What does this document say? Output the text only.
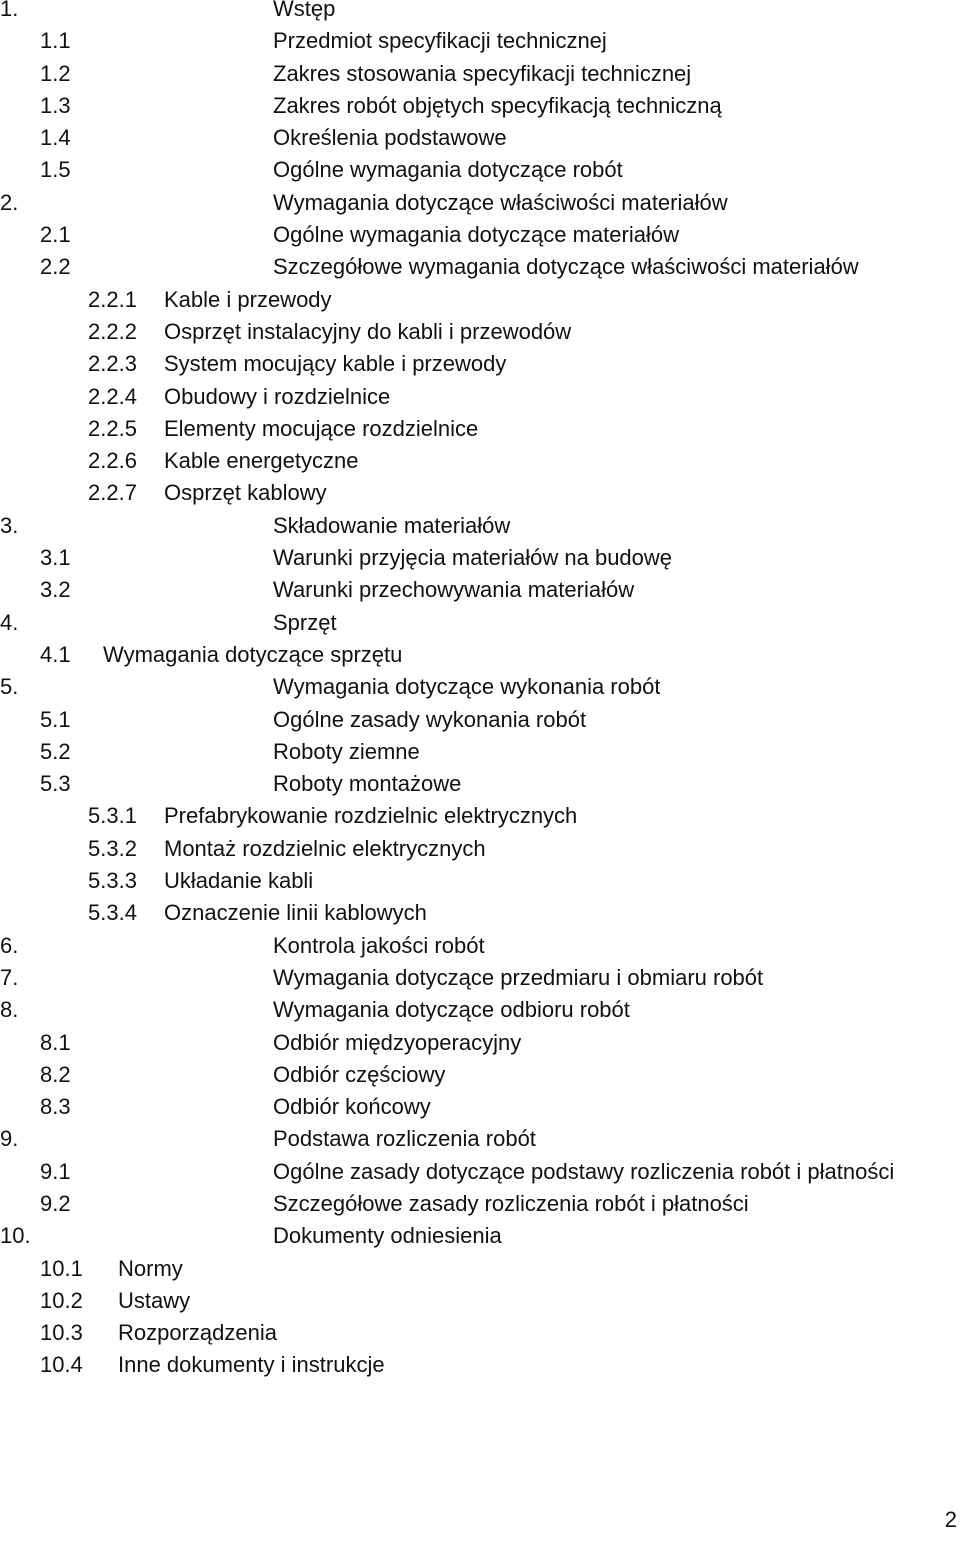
1.	Wstęp
1.1	Przedmiot specyfikacji technicznej
1.2	Zakres stosowania specyfikacji technicznej
1.3	Zakres robót objętych specyfikacją techniczną
1.4	Określenia podstawowe
1.5	Ogólne wymagania dotyczące robót
2.	Wymagania dotyczące właściwości materiałów
2.1	Ogólne wymagania dotyczące materiałów
2.2	Szczegółowe wymagania dotyczące właściwości materiałów
2.2.1 Kable i przewody
2.2.2 Osprzęt instalacyjny do kabli i przewodów
2.2.3 System mocujący kable i przewody
2.2.4 Obudowy i rozdzielnice
2.2.5 Elementy mocujące rozdzielnice
2.2.6 Kable energetyczne
2.2.7 Osprzęt kablowy
3.	Składowanie materiałów
3.1	Warunki przyjęcia materiałów na budowę
3.2	Warunki przechowywania materiałów
4.	Sprzęt
4.1 Wymagania dotyczące sprzętu
5.	Wymagania dotyczące wykonania robót
5.1	Ogólne zasady wykonania robót
5.2	Roboty ziemne
5.3	Roboty montażowe
5.3.1 Prefabrykowanie rozdzielnic elektrycznych
5.3.2 Montaż rozdzielnic elektrycznych
5.3.3 Układanie kabli
5.3.4 Oznaczenie linii kablowych
6.	Kontrola jakości robót
7.	Wymagania dotyczące przedmiaru i obmiaru robót
8.	Wymagania dotyczące odbioru robót
8.1	Odbiór międzyoperacyjny
8.2	Odbiór częściowy
8.3	Odbiór końcowy
9.	Podstawa rozliczenia robót
9.1	Ogólne zasady dotyczące podstawy rozliczenia robót i płatności
9.2	Szczegółowe zasady rozliczenia robót i płatności
10.	Dokumenty odniesienia
10.1 Normy
10.2 Ustawy
10.3 Rozporządzenia
10.4 Inne dokumenty i instrukcje
2
